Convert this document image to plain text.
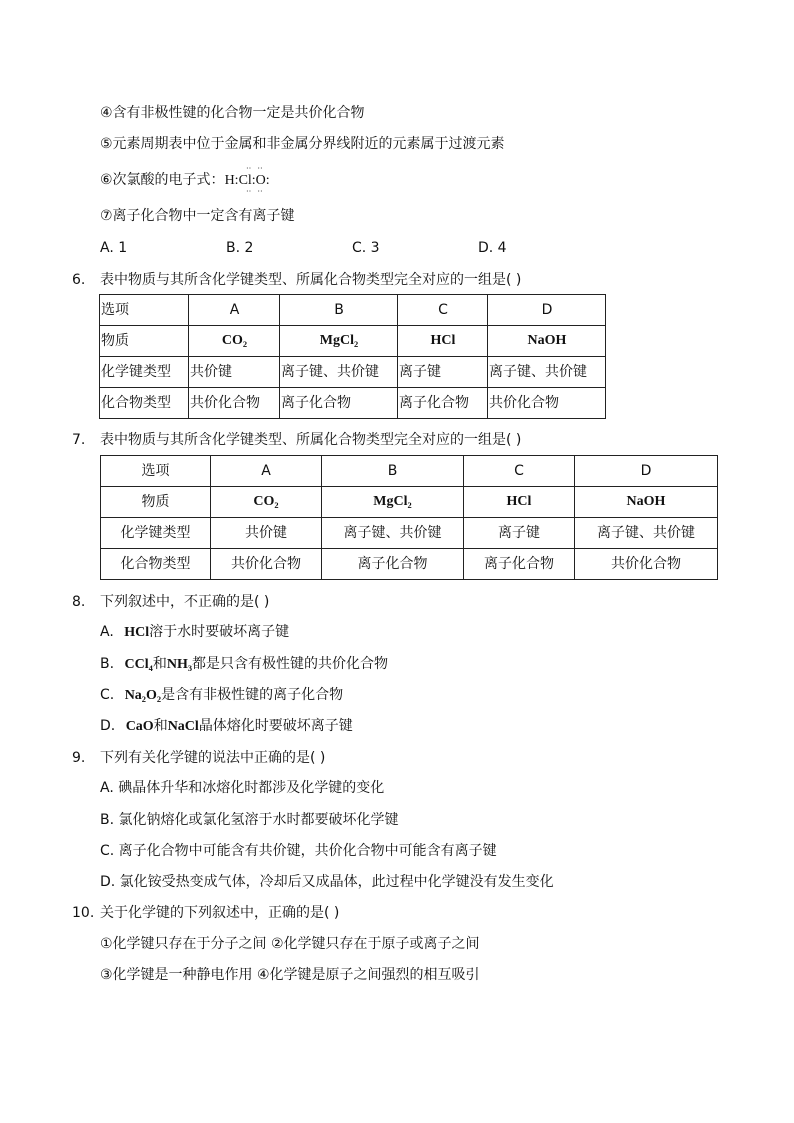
④含有非极性键的化合物一定是共价化合物
⑤元素周期表中位于金属和非金属分界线附近的元素属于过渡元素
⑥次氯酸的电子式：H:Cl:O:
··   ··
··   ··
⑦离子化合物中一定含有离子键
A. 1	B. 2	C. 3	D. 4
6. 表中物质与其所含化学键类型、所属化合物类型完全对应的一组是( )
选项	A	B	C	D
物质	CO₂	MgCl₂	HCl	NaOH
化学键类型	共价键	离子键、共价键	离子键	离子键、共价键
化合物类型	共价化合物	离子化合物	离子化合物	共价化合物
7. 表中物质与其所含化学键类型、所属化合物类型完全对应的一组是( )
选项	A	B	C	D
物质	CO₂	MgCl₂	HCl	NaOH
化学键类型	共价键	离子键、共价键	离子键	离子键、共价键
化合物类型	共价化合物	离子化合物	离子化合物	共价化合物
8. 下列叙述中，不正确的是( )
A. HCl溶于水时要破坏离子键
B. CCl₄和NH₃都是只含有极性键的共价化合物
C. Na₂O₂是含有非极性键的离子化合物
D. CaO和NaCl晶体熔化时要破坏离子键
9. 下列有关化学键的说法中正确的是( )
A. 碘晶体升华和冰熔化时都涉及化学键的变化
B. 氯化钠熔化或氯化氢溶于水时都要破坏化学键
C. 离子化合物中可能含有共价键，共价化合物中可能含有离子键
D. 氯化铵受热变成气体，冷却后又成晶体，此过程中化学键没有发生变化
10. 关于化学键的下列叙述中，正确的是( )
①化学键只存在于分子之间 ②化学键只存在于原子或离子之间
③化学键是一种静电作用 ④化学键是原子之间强烈的相互吸引
